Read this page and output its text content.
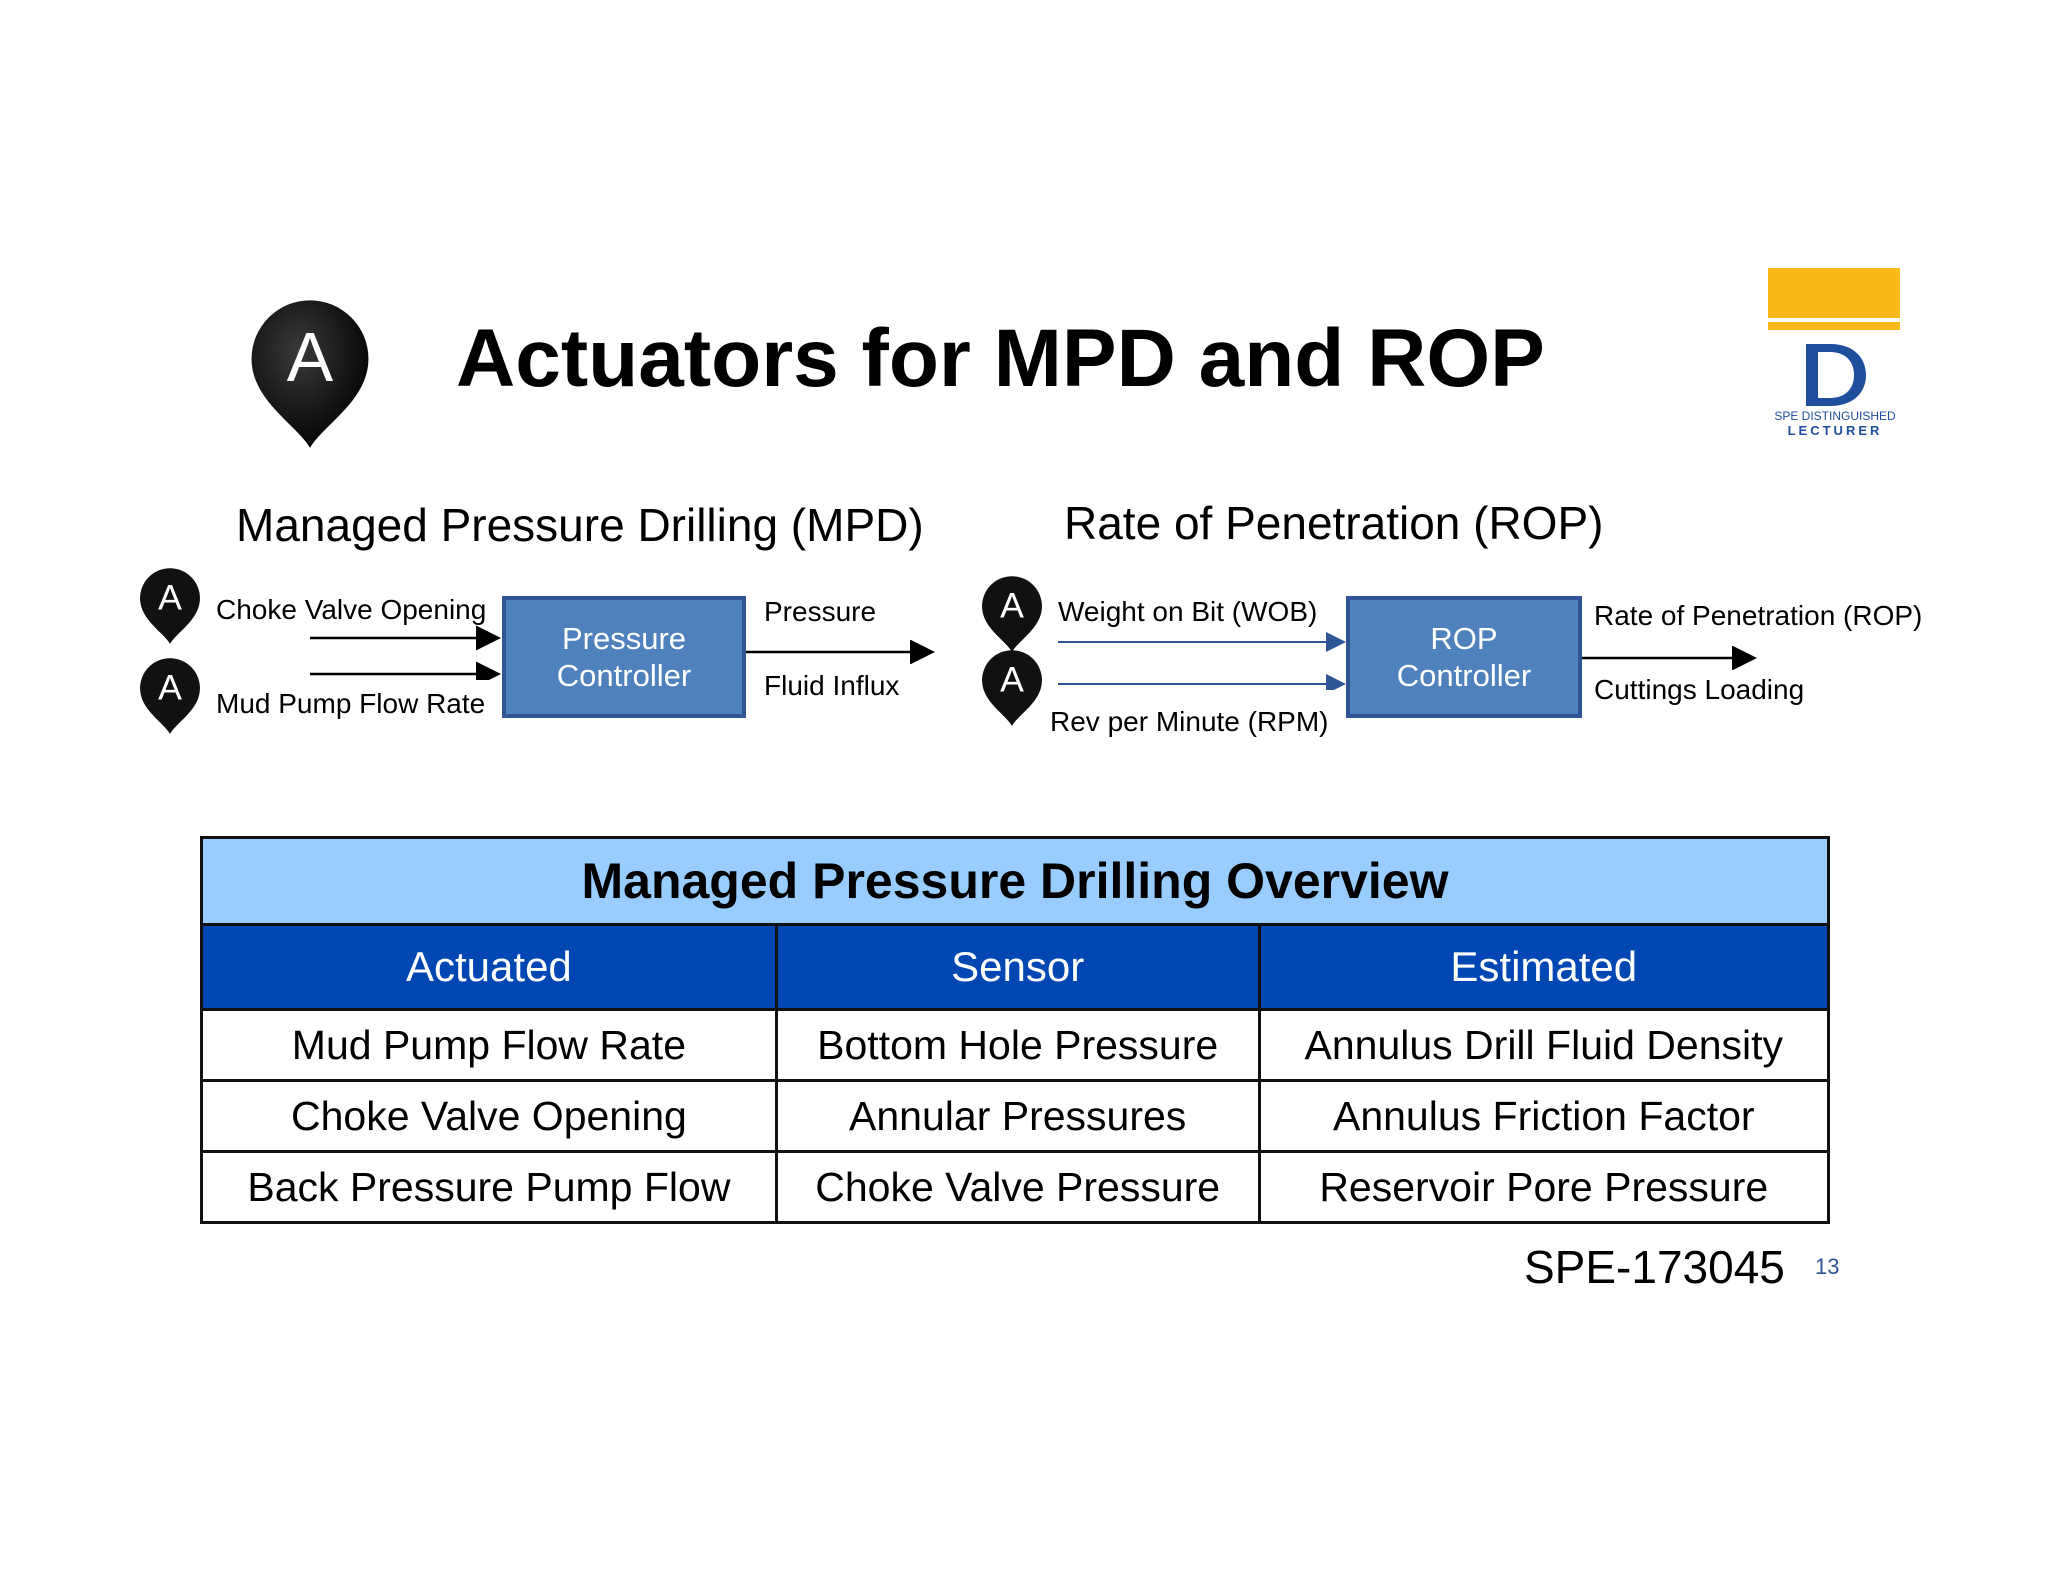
A Actuators for MPD and ROP
SPE DISTINGUISHED
LECTURER
Managed Pressure Drilling (MPD)
A
A
Choke Valve Opening
Mud Pump Flow Rate
Pressure
Controller
Pressure
Fluid Influx
Rate of Penetration (ROP)
A
A
Weight on Bit (WOB)
Rev per Minute (RPM)
ROP
Controller
Rate of Penetration (ROP)
Cuttings Loading
Managed Pressure Drilling Overview		
Actuated	Sensor	Estimated
Mud Pump Flow Rate	Bottom Hole Pressure	Annulus Drill Fluid Density
Choke Valve Opening	Annular Pressures	Annulus Friction Factor
Back Pressure Pump Flow	Choke Valve Pressure	Reservoir Pore Pressure
SPE-173045 13
